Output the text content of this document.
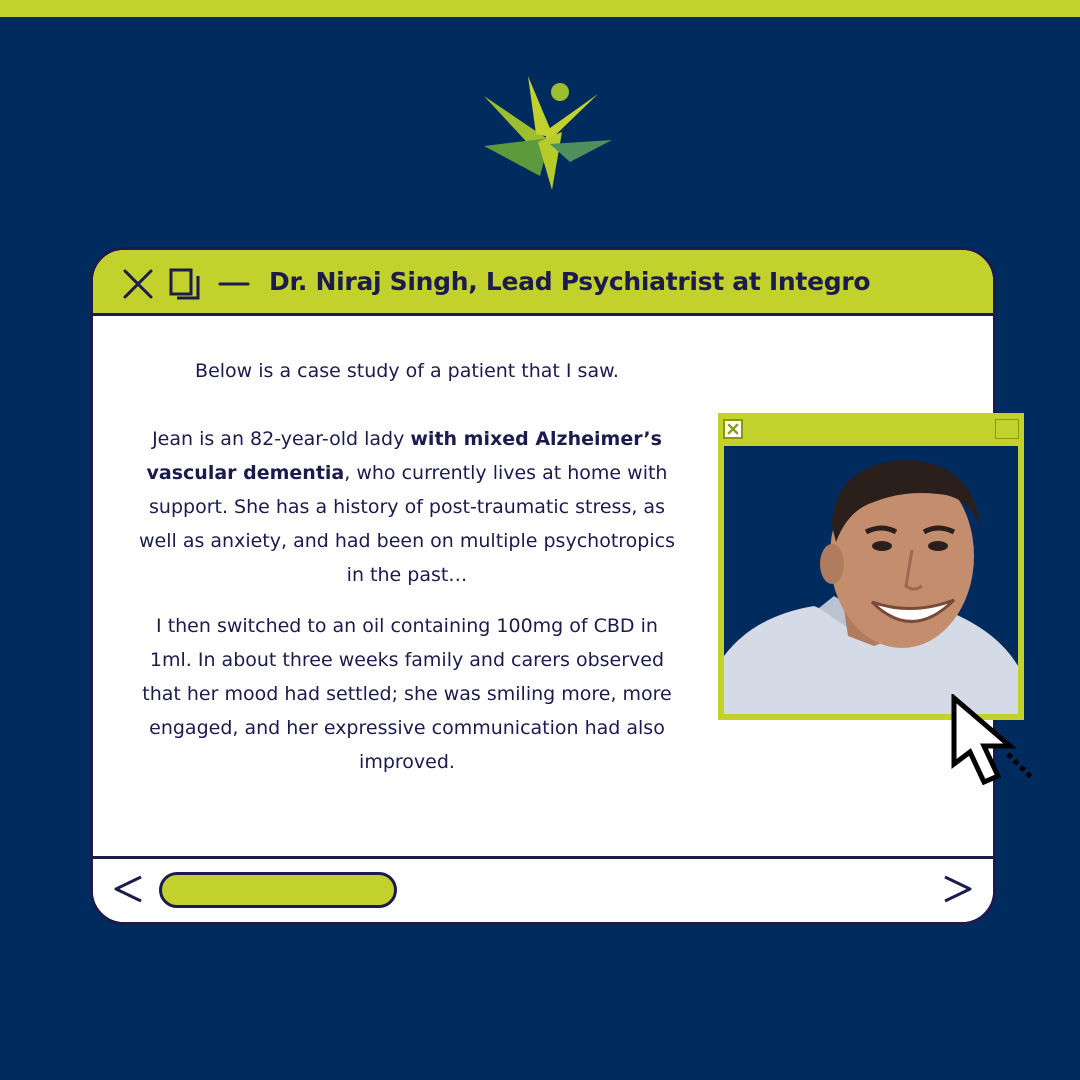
Dr. Niraj Singh, Lead Psychiatrist at Integro

Below is a case study of a patient that I saw.

Jean is an 82-year-old lady with mixed Alzheimer’s vascular dementia, who currently lives at home with support. She has a history of post-traumatic stress, as well as anxiety, and had been on multiple psychotropics in the past…

I then switched to an oil containing 100mg of CBD in 1ml. In about three weeks family and carers observed that her mood had settled; she was smiling more, more engaged, and her expressive communication had also improved.
